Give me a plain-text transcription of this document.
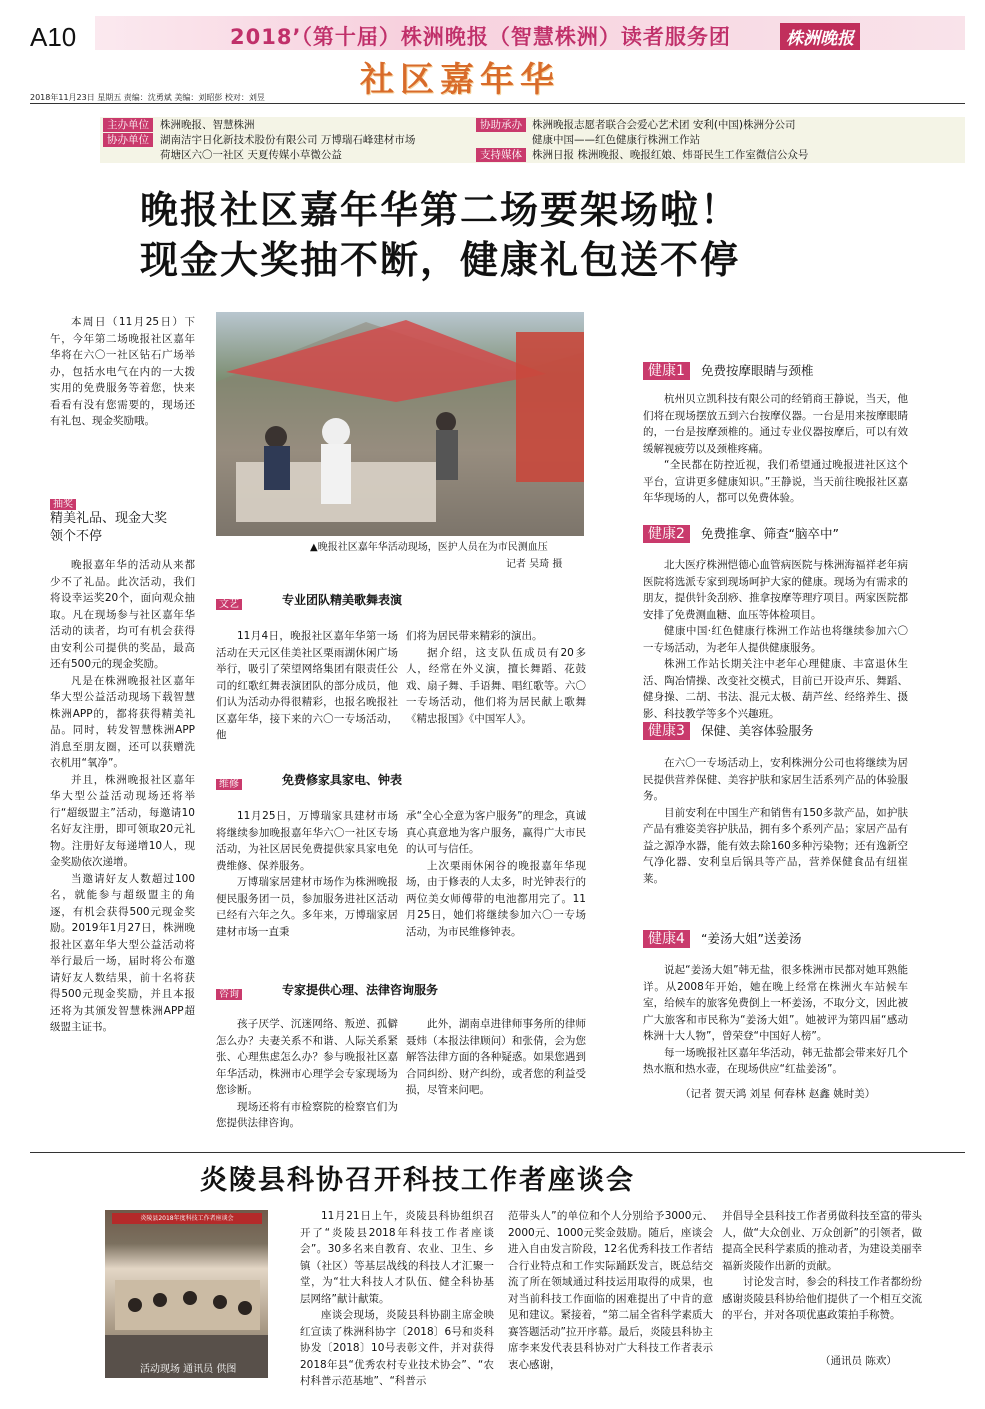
A10	2018’（第十届）株洲晚报（智慧株洲）读者服务团	株洲晚报
社区嘉年华
2018年11月23日 星期五 责编：沈勇斌 美编：刘昭彭 校对：刘昱
主办单位	株洲晚报、智慧株洲
协办单位	湖南洁宇日化新技术股份有限公司 万博瑞石峰建材市场
荷塘区六〇一社区 天夏传媒小草微公益
协助承办 株洲晚报志愿者联合会爱心艺术团 安利(中国)株洲分公司
健康中国——红色健康行株洲工作站
支持媒体 株洲日报 株洲晚报、晚报红娘、炜哥民生工作室微信公众号
晚报社区嘉年华第二场要架场啦！
现金大奖抽不断，健康礼包送不停

本周日（11月25日）下午，今年第二场晚报社区嘉年华将在六〇一社区钻石广场举办，包括水电气在内的一大拨实用的免费服务等着您，快来看看有没有您需要的，现场还有礼包、现金奖励哦。

▲晚报社区嘉年华活动现场，医护人员在为市民测血压
记者 吴琦 摄
抽奖
精美礼品、现金大奖
领个不停

晚报嘉年华的活动从来都少不了礼品。此次活动，我们将设幸运奖20个，面向观众抽取。凡在现场参与社区嘉年华活动的读者，均可有机会获得由安利公司提供的奖品，最高还有500元的现金奖励。

凡是在株洲晚报社区嘉年华大型公益活动现场下载智慧株洲APP的，都将获得精美礼品。同时，转发智慧株洲APP消息至朋友圈，还可以获赠洗衣机用“氧净”。

并且，株洲晚报社区嘉年华大型公益活动现场还将举行“超级盟主”活动，每邀请10名好友注册，即可领取20元礼物。注册好友每递增10人，现金奖励依次递增。

当邀请好友人数超过100名，就能参与超级盟主的角逐，有机会获得500元现金奖励。2019年1月27日，株洲晚报社区嘉年华大型公益活动将举行最后一场，届时将公布邀请好友人数结果，前十名将获得500元现金奖励，并且本报还将为其颁发智慧株洲APP超级盟主证书。

文艺	专业团队精美歌舞表演

11月4日，晚报社区嘉年华第一场活动在天元区佳美社区栗雨湖休闲广场举行，吸引了荣望网络集团有限责任公司的红歌红舞表演团队的部分成员，他们认为活动办得很精彩，也报名晚报社区嘉年华，接下来的六〇一专场活动，他

们将为居民带来精彩的演出。

据介绍，这支队伍成员有20多人，经常在外义演，擅长舞蹈、花鼓戏、扇子舞、手语舞、唱红歌等。六〇一专场活动，他们将为居民献上歌舞《精忠报国》《中国军人》。

维修	免费修家具家电、钟表

11月25日，万博瑞家具建材市场将继续参加晚报嘉年华六〇一社区专场活动，为社区居民免费提供家具家电免费维修、保养服务。

万博瑞家居建材市场作为株洲晚报便民服务团一员，参加服务进社区活动已经有六年之久。多年来，万博瑞家居建材市场一直秉

承“全心全意为客户服务”的理念，真诚真心真意地为客户服务，赢得广大市民的认可与信任。

上次栗雨休闲谷的晚报嘉年华现场，由于修表的人太多，时光钟表行的两位美女师傅带的电池都用完了。11月25日，她们将继续参加六〇一专场活动，为市民维修钟表。

咨询	专家提供心理、法律咨询服务

孩子厌学、沉迷网络、叛逆、孤僻怎么办？夫妻关系不和谐、人际关系紧张、心理焦虑怎么办？参与晚报社区嘉年华活动，株洲市心理学会专家现场为您诊断。

现场还将有市检察院的检察官们为您提供法律咨询。

此外，湖南卓进律师事务所的律师聂炜（本报法律顾问）和张倩，会为您解答法律方面的各种疑惑。如果您遇到合同纠纷、财产纠纷，或者您的利益受损，尽管来问吧。

健康1 免费按摩眼睛与颈椎

杭州贝立凯科技有限公司的经销商王静说，当天，他们将在现场摆放五到六台按摩仪器。一台是用来按摩眼睛的，一台是按摩颈椎的。通过专业仪器按摩后，可以有效缓解视疲劳以及颈椎疼痛。

“全民都在防控近视，我们希望通过晚报进社区这个平台，宣讲更多健康知识。”王静说，当天前往晚报社区嘉年华现场的人，都可以免费体验。

健康2 免费推拿、筛查“脑卒中”

北大医疗株洲恺德心血管病医院与株洲海福祥老年病医院将选派专家到现场呵护大家的健康。现场为有需求的朋友，提供针灸刮痧、推拿按摩等理疗项目。两家医院都安排了免费测血糖、血压等体检项目。

健康中国·红色健康行株洲工作站也将继续参加六〇一专场活动，为老年人提供健康服务。

株洲工作站长期关注中老年心理健康、丰富退休生活、陶冶情操、改变社交模式，目前已开设声乐、舞蹈、健身操、二胡、书法、混元太极、葫芦丝、经络养生、摄影、科技教学等多个兴趣班。

健康3 保健、美容体验服务

在六〇一专场活动上，安利株洲分公司也将继续为居民提供营养保健、美容护肤和家居生活系列产品的体验服务。

目前安利在中国生产和销售有150多款产品，如护肤产品有雅姿美容护肤品，拥有多个系列产品；家居产品有益之源净水器，能有效去除160多种污染物；还有逸新空气净化器、安利皇后锅具等产品，营养保健食品有纽崔莱。

健康4 “姜汤大姐”送姜汤

说起“姜汤大姐”韩无盐，很多株洲市民都对她耳熟能详。从2008年开始，她在晚上经常在株洲火车站候车室，给候车的旅客免费倒上一杯姜汤，不取分文，因此被广大旅客和市民称为“姜汤大姐”。她被评为第四届“感动株洲十大人物”，曾荣登“中国好人榜”。

每一场晚报社区嘉年华活动，韩无盐都会带来好几个热水瓶和热水壶，在现场供应“红盐姜汤”。

（记者 贺天鸿 刘星 何春林 赵鑫 姚时美）
炎陵县科协召开科技工作者座谈会
炎陵县2018年度科技工作者座谈会
活动现场 通讯员 供图

11月21日上午，炎陵县科协组织召开了“炎陵县2018年科技工作者座谈会”。30多名来自教育、农业、卫生、乡镇（社区）等基层战线的科技人才汇聚一堂，为“壮大科技人才队伍、健全科协基层网络”献计献策。

座谈会现场，炎陵县科协副主席金映红宣读了株洲科协字〔2018〕6号和炎科协发〔2018〕10号表彰文件，并对获得2018年县“优秀农村专业技术协会”、“农村科普示范基地”、“科普示

范带头人”的单位和个人分别给予3000元、2000元、1000元奖金鼓励。随后，座谈会进入自由发言阶段，12名优秀科技工作者结合行业特点和工作实际踊跃发言，既总结交流了所在领域通过科技运用取得的成果，也对当前科技工作面临的困难提出了中肯的意见和建议。紧接着，“第二届全省科学素质大赛答题活动”拉开序幕。最后，炎陵县科协主席李来发代表县科协对广大科技工作者表示衷心感谢，

并倡导全县科技工作者勇做科技至富的带头人，做“大众创业、万众创新”的引领者，做提高全民科学素质的推动者，为建设美丽幸福新炎陵作出新的贡献。

讨论发言时，参会的科技工作者都纷纷感谢炎陵县科协给他们提供了一个相互交流的平台，并对各项优惠政策拍手称赞。

（通讯员 陈欢）
